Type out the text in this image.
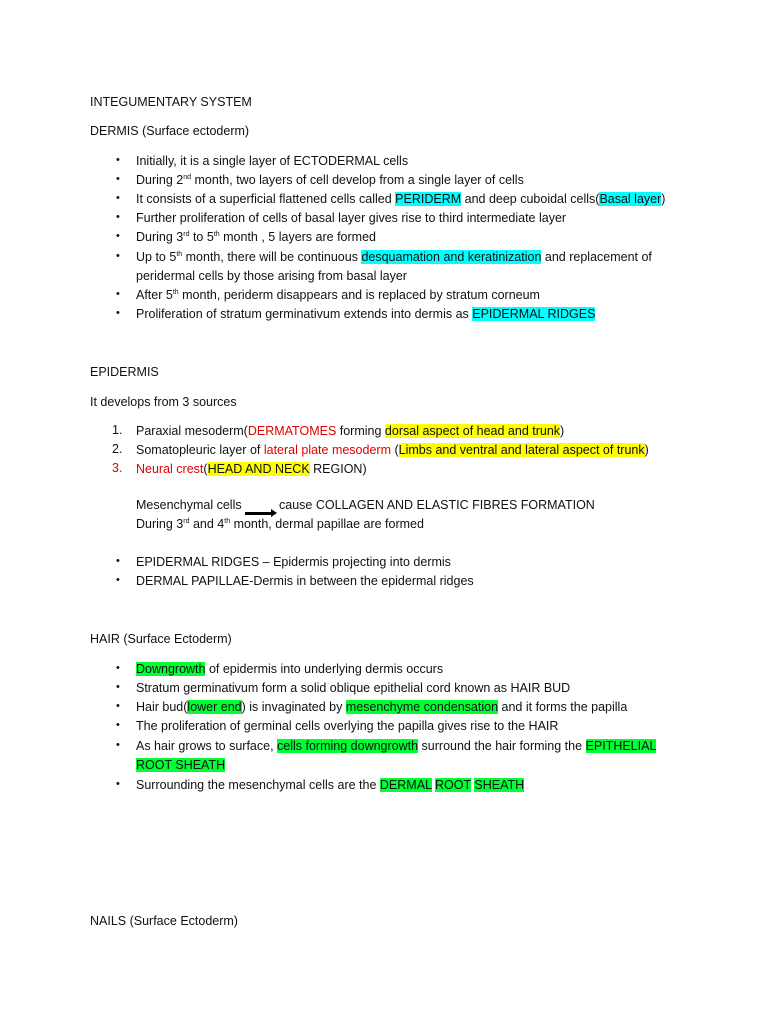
INTEGUMENTARY SYSTEM
DERMIS (Surface ectoderm)
• Initially, it is a single layer of ECTODERMAL cells
• During 2nd month, two layers of cell develop from a single layer of cells
• It consists of a superficial flattened cells called PERIDERM and deep cuboidal cells(Basal layer)
• Further proliferation of cells of basal layer gives rise to third intermediate layer
• During 3rd to 5th month , 5 layers are formed
• Up to 5th month, there will be continuous desquamation and keratinization and replacement of
peridermal cells by those arising from basal layer
• After 5th month, periderm disappears and is replaced by stratum corneum
• Proliferation of stratum germinativum extends into dermis as EPIDERMAL RIDGES
EPIDERMIS
It develops from 3 sources
1. Paraxial mesoderm(DERMATOMES forming dorsal aspect of head and trunk)
2. Somatopleuric layer of lateral plate mesoderm (Limbs and ventral and lateral aspect of trunk)
3. Neural crest(HEAD AND NECK REGION)
Mesenchymal cells	cause COLLAGEN AND ELASTIC FIBRES FORMATION
During 3rd and 4th month, dermal papillae are formed
• EPIDERMAL RIDGES – Epidermis projecting into dermis
• DERMAL PAPILLAE-Dermis in between the epidermal ridges
HAIR (Surface Ectoderm)
• Downgrowth of epidermis into underlying dermis occurs
• Stratum germinativum form a solid oblique epithelial cord known as HAIR BUD
• Hair bud(lower end) is invaginated by mesenchyme condensation and it forms the papilla
• The proliferation of germinal cells overlying the papilla gives rise to the HAIR
• As hair grows to surface, cells forming downgrowth surround the hair forming the EPITHELIAL
ROOT SHEATH
• Surrounding the mesenchymal cells are the DERMAL ROOT SHEATH
NAILS (Surface Ectoderm)
